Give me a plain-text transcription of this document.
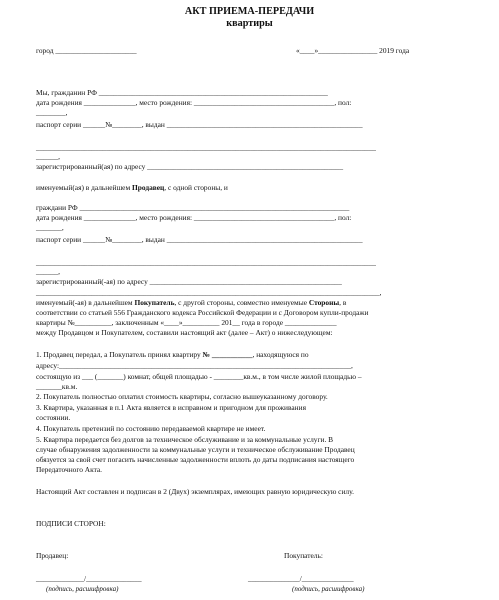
АКТ ПРИЕМА-ПЕРЕДАЧИ
квартиры
город ______________________	«____»________________ 2019 года
Мы, гражданин РФ ______________________________________________________________
дата рождения ______________, место рождения: ______________________________________, пол:
________,
паспорт серии ______№________, выдан _____________________________________________________
____________________________________________________________________________________________
______,
зарегистрированный(ая) по адресу _____________________________________________________
именуемый(ая) в дальнейшем Продавец, с одной стороны, и
граждани РФ _________________________________________________________________________
дата рождения ______________, место рождения: ______________________________________, пол:
_______,
паспорт серии ______№________, выдан _____________________________________________________
____________________________________________________________________________________________
______,
зарегистрированный(-ая) по адресу ____________________________________________________
_____________________________________________________________________________________________,
именуемый(-ая) в дальнейшем Покупатель, с другой стороны, совместно именуемые Стороны, в
соответствии со статьей 556 Гражданского кодекса Российской Федерации и с Договором купли-продажи
квартиры №__________, заключенным «____»__________ 201__ года в городе ______________
между Продавцом и Покупателем, составили настоящий акт (далее – Акт) о нижеследующем:
1. Продавец передал, а Покупатель принял квартиру № ___________, находящуюся по
адресу:_______________________________________________________________________________,
состоящую из ___ (_______) комнат, общей площадью - ________кв.м., в том числе жилой площадью –
_______кв.м.
2. Покупатель полностью оплатил стоимость квартиры, согласно вышеуказанному договору.
3. Квартира, указанная в п.1 Акта является в исправном и пригодном для проживания
состоянии.
4. Покупатель претензий по состоянию передаваемой квартире не имеет.
5. Квартира передается без долгов за техническое обслуживание и за коммунальные услуги. В
случае обнаружения задолженности за коммунальные услуги и техническое обслуживание Продавец
обязуется за свой счет погасить начисленные задолженности вплоть до даты подписания настоящего
Передаточного Акта.
Настоящий Акт составлен и подписан в 2 (Двух) экземплярах, имеющих равную юридическую силу.
ПОДПИСИ СТОРОН:
Продавец:	Покупатель:
_____________/_______________	______________/______________
(подпись, расшифровка)	(подпись, расшифровка)
